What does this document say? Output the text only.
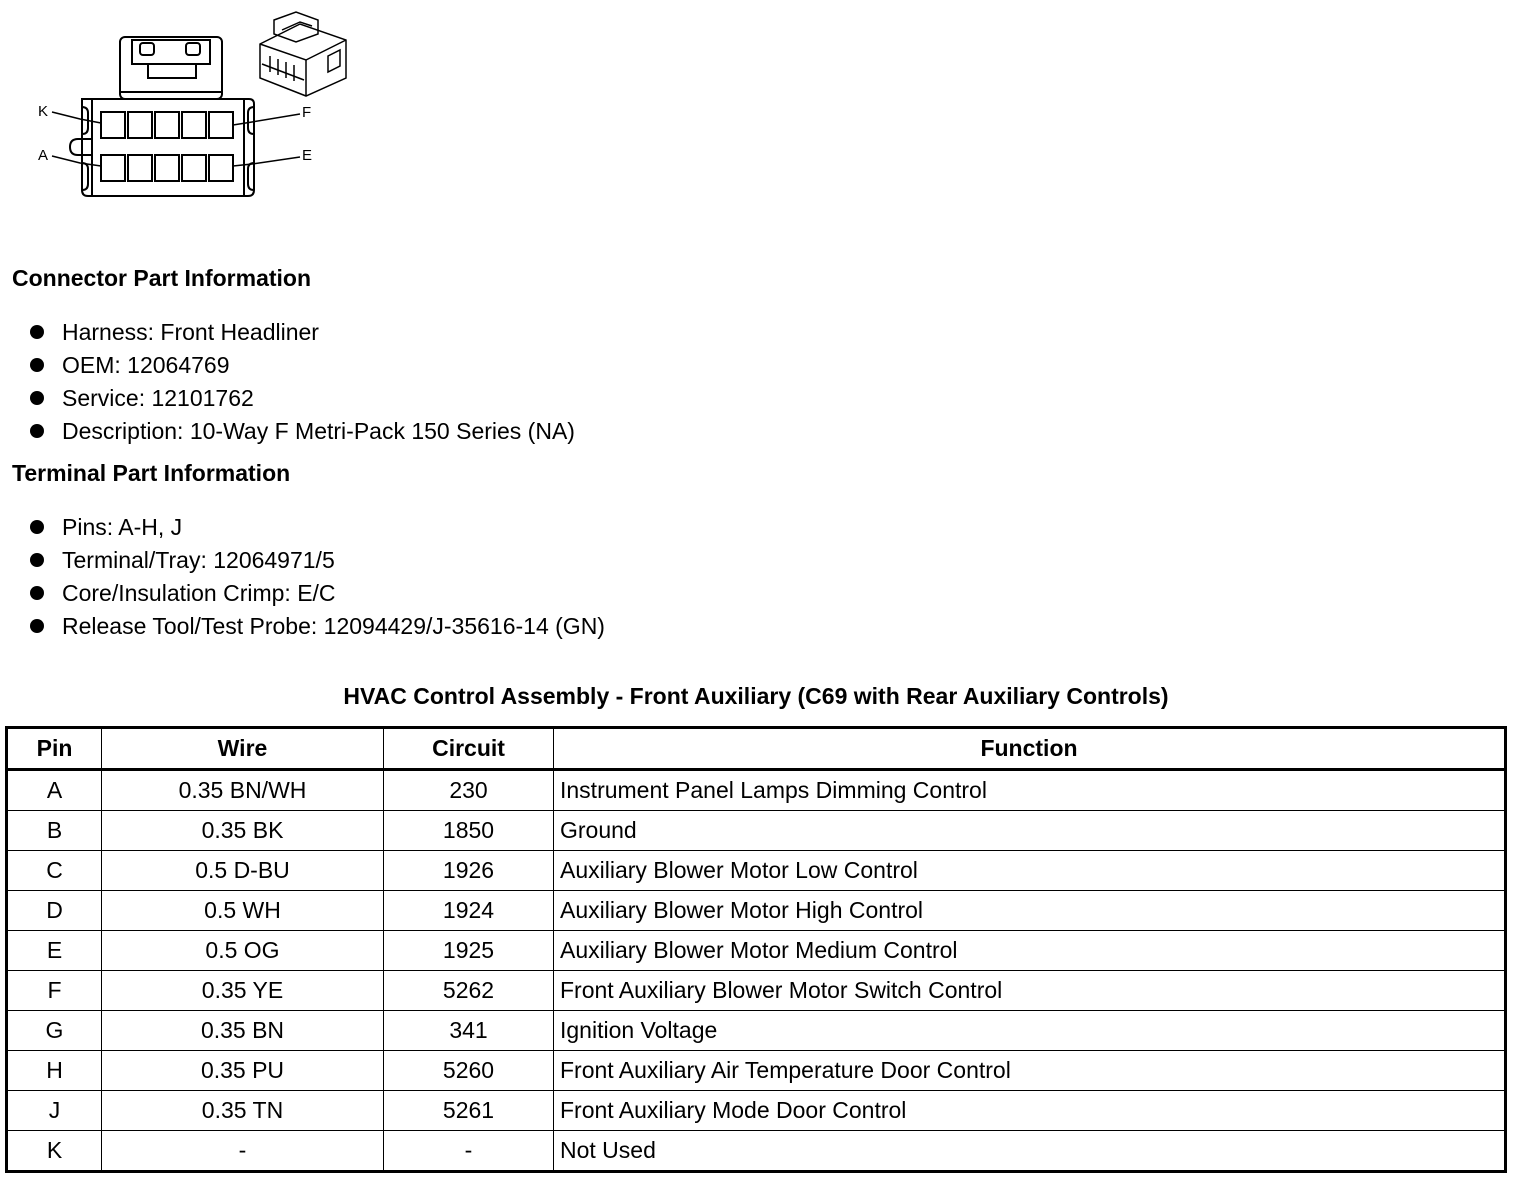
K	F
A	E
Connector Part Information
Harness: Front Headliner
OEM: 12064769
Service: 12101762
Description: 10-Way F Metri-Pack 150 Series (NA)
Terminal Part Information
Pins: A-H, J
Terminal/Tray: 12064971/5
Core/Insulation Crimp: E/C
Release Tool/Test Probe: 12094429/J-35616-14 (GN)
HVAC Control Assembly - Front Auxiliary (C69 with Rear Auxiliary Controls)
Pin	Wire	Circuit	Function
A	0.35 BN/WH	230	Instrument Panel Lamps Dimming Control
B	0.35 BK	1850	Ground
C	0.5 D-BU	1926	Auxiliary Blower Motor Low Control
D	0.5 WH	1924	Auxiliary Blower Motor High Control
E	0.5 OG	1925	Auxiliary Blower Motor Medium Control
F	0.35 YE	5262	Front Auxiliary Blower Motor Switch Control
G	0.35 BN	341	Ignition Voltage
H	0.35 PU	5260	Front Auxiliary Air Temperature Door Control
J	0.35 TN	5261	Front Auxiliary Mode Door Control
K	-	-	Not Used
